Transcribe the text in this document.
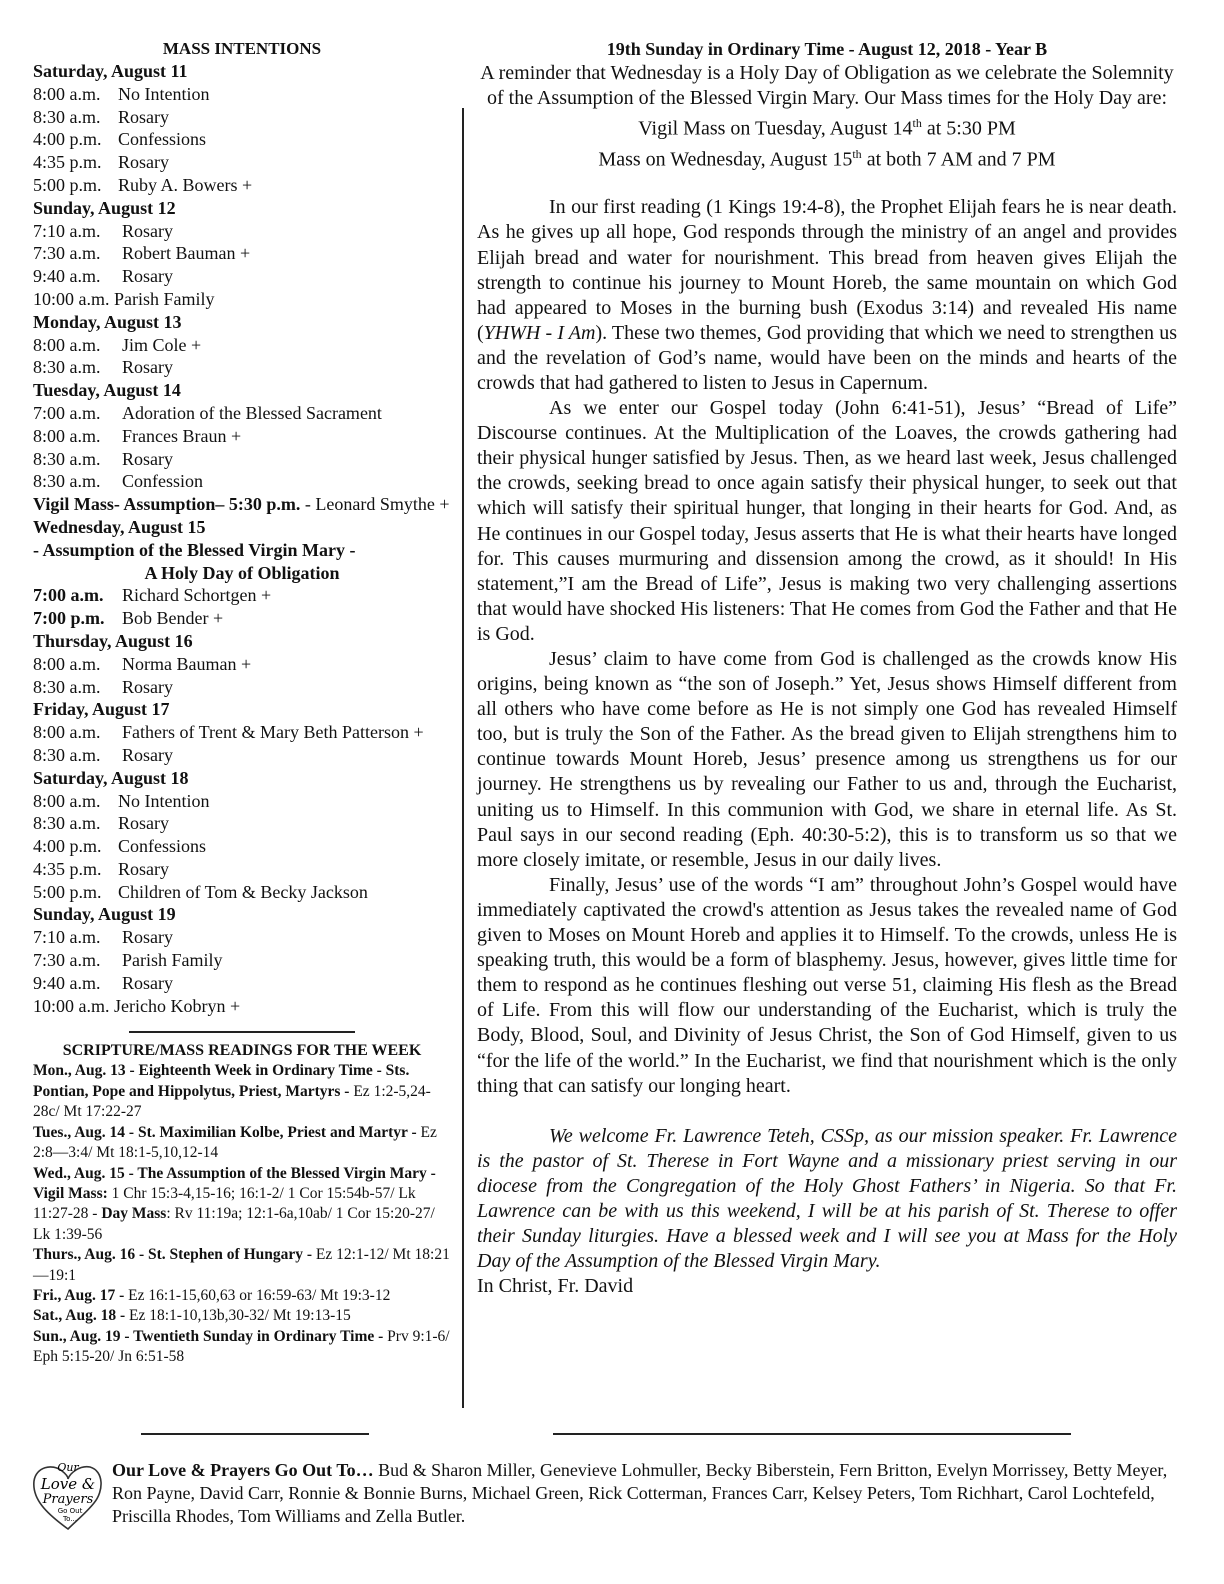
MASS INTENTIONS
Saturday, August 11
8:00 a.m. No Intention
8:30 a.m. Rosary
4:00 p.m. Confessions
4:35 p.m. Rosary
5:00 p.m. Ruby A. Bowers +
Sunday, August 12
7:10 a.m. Rosary
7:30 a.m. Robert Bauman +
9:40 a.m. Rosary
10:00 a.m. Parish Family
Monday, August 13
8:00 a.m. Jim Cole +
8:30 a.m. Rosary
Tuesday, August 14
7:00 a.m. Adoration of the Blessed Sacrament
8:00 a.m. Frances Braun +
8:30 a.m. Rosary
8:30 a.m. Confession
Vigil Mass- Assumption– 5:30 p.m. - Leonard Smythe +
Wednesday, August 15
- Assumption of the Blessed Virgin Mary -
A Holy Day of Obligation
7:00 a.m. Richard Schortgen +
7:00 p.m. Bob Bender +
Thursday, August 16
8:00 a.m. Norma Bauman +
8:30 a.m. Rosary
Friday, August 17
8:00 a.m. Fathers of Trent & Mary Beth Patterson +
8:30 a.m. Rosary
Saturday, August 18
8:00 a.m. No Intention
8:30 a.m. Rosary
4:00 p.m. Confessions
4:35 p.m. Rosary
5:00 p.m. Children of Tom & Becky Jackson
Sunday, August 19
7:10 a.m. Rosary
7:30 a.m. Parish Family
9:40 a.m. Rosary
10:00 a.m. Jericho Kobryn +
SCRIPTURE/MASS READINGS FOR THE WEEK
Mon., Aug. 13 - Eighteenth Week in Ordinary Time - Sts. Pontian, Pope and Hippolytus, Priest, Martyrs - Ez 1:2-5,24-28c/ Mt 17:22-27
Tues., Aug. 14 - St. Maximilian Kolbe, Priest and Martyr - Ez 2:8—3:4/ Mt 18:1-5,10,12-14
Wed., Aug. 15 - The Assumption of the Blessed Virgin Mary - Vigil Mass: 1 Chr 15:3-4,15-16; 16:1-2/ 1 Cor 15:54b-57/ Lk 11:27-28 - Day Mass: Rv 11:19a; 12:1-6a,10ab/ 1 Cor 15:20-27/ Lk 1:39-56
Thurs., Aug. 16 - St. Stephen of Hungary - Ez 12:1-12/ Mt 18:21—19:1
Fri., Aug. 17 - Ez 16:1-15,60,63 or 16:59-63/ Mt 19:3-12
Sat., Aug. 18 - Ez 18:1-10,13b,30-32/ Mt 19:13-15
Sun., Aug. 19 - Twentieth Sunday in Ordinary Time - Prv 9:1-6/ Eph 5:15-20/ Jn 6:51-58
19th Sunday in Ordinary Time - August 12, 2018 - Year B
A reminder that Wednesday is a Holy Day of Obligation as we celebrate the Solemnity of the Assumption of the Blessed Virgin Mary. Our Mass times for the Holy Day are:
Vigil Mass on Tuesday, August 14th at 5:30 PM
Mass on Wednesday, August 15th at both 7 AM and 7 PM

In our first reading (1 Kings 19:4-8), the Prophet Elijah fears he is near death. As he gives up all hope, God responds through the ministry of an angel and provides Elijah bread and water for nourishment. This bread from heaven gives Elijah the strength to continue his journey to Mount Horeb, the same mountain on which God had appeared to Moses in the burning bush (Exodus 3:14) and revealed His name (YHWH - I Am). These two themes, God providing that which we need to strengthen us and the revelation of God’s name, would have been on the minds and hearts of the crowds that had gathered to listen to Jesus in Capernum.

As we enter our Gospel today (John 6:41-51), Jesus’ “Bread of Life” Discourse continues. At the Multiplication of the Loaves, the crowds gathering had their physical hunger satisfied by Jesus. Then, as we heard last week, Jesus challenged the crowds, seeking bread to once again satisfy their physical hunger, to seek out that which will satisfy their spiritual hunger, that longing in their hearts for God. And, as He continues in our Gospel today, Jesus asserts that He is what their hearts have longed for. This causes murmuring and dissension among the crowd, as it should! In His statement,”I am the Bread of Life”, Jesus is making two very challenging assertions that would have shocked His listeners: That He comes from God the Father and that He is God.

Jesus’ claim to have come from God is challenged as the crowds know His origins, being known as “the son of Joseph.” Yet, Jesus shows Himself different from all others who have come before as He is not simply one God has revealed Himself too, but is truly the Son of the Father. As the bread given to Elijah strengthens him to continue towards Mount Horeb, Jesus’ presence among us strengthens us for our journey. He strengthens us by revealing our Father to us and, through the Eucharist, uniting us to Himself. In this communion with God, we share in eternal life. As St. Paul says in our second reading (Eph. 40:30-5:2), this is to transform us so that we more closely imitate, or resemble, Jesus in our daily lives.

Finally, Jesus’ use of the words “I am” throughout John’s Gospel would have immediately captivated the crowd's attention as Jesus takes the revealed name of God given to Moses on Mount Horeb and applies it to Himself. To the crowds, unless He is speaking truth, this would be a form of blasphemy. Jesus, however, gives little time for them to respond as he continues fleshing out verse 51, claiming His flesh as the Bread of Life. From this will flow our understanding of the Eucharist, which is truly the Body, Blood, Soul, and Divinity of Jesus Christ, the Son of God Himself, given to us “for the life of the world.” In the Eucharist, we find that nourishment which is the only thing that can satisfy our longing heart.

We welcome Fr. Lawrence Teteh, CSSp, as our mission speaker. Fr. Lawrence is the pastor of St. Therese in Fort Wayne and a missionary priest serving in our diocese from the Congregation of the Holy Ghost Fathers’ in Nigeria. So that Fr. Lawrence can be with us this weekend, I will be at his parish of St. Therese to offer their Sunday liturgies. Have a blessed week and I will see you at Mass for the Holy Day of the Assumption of the Blessed Virgin Mary.

In Christ, Fr. David
Our
Love &
Prayers
Go Out
To...
Our Love & Prayers Go Out To… Bud & Sharon Miller, Genevieve Lohmuller, Becky Biberstein, Fern Britton, Evelyn Morrissey, Betty Meyer, Ron Payne, David Carr, Ronnie & Bonnie Burns, Michael Green, Rick Cotterman, Frances Carr, Kelsey Peters, Tom Richhart, Carol Lochtefeld, Priscilla Rhodes, Tom Williams and Zella Butler.
